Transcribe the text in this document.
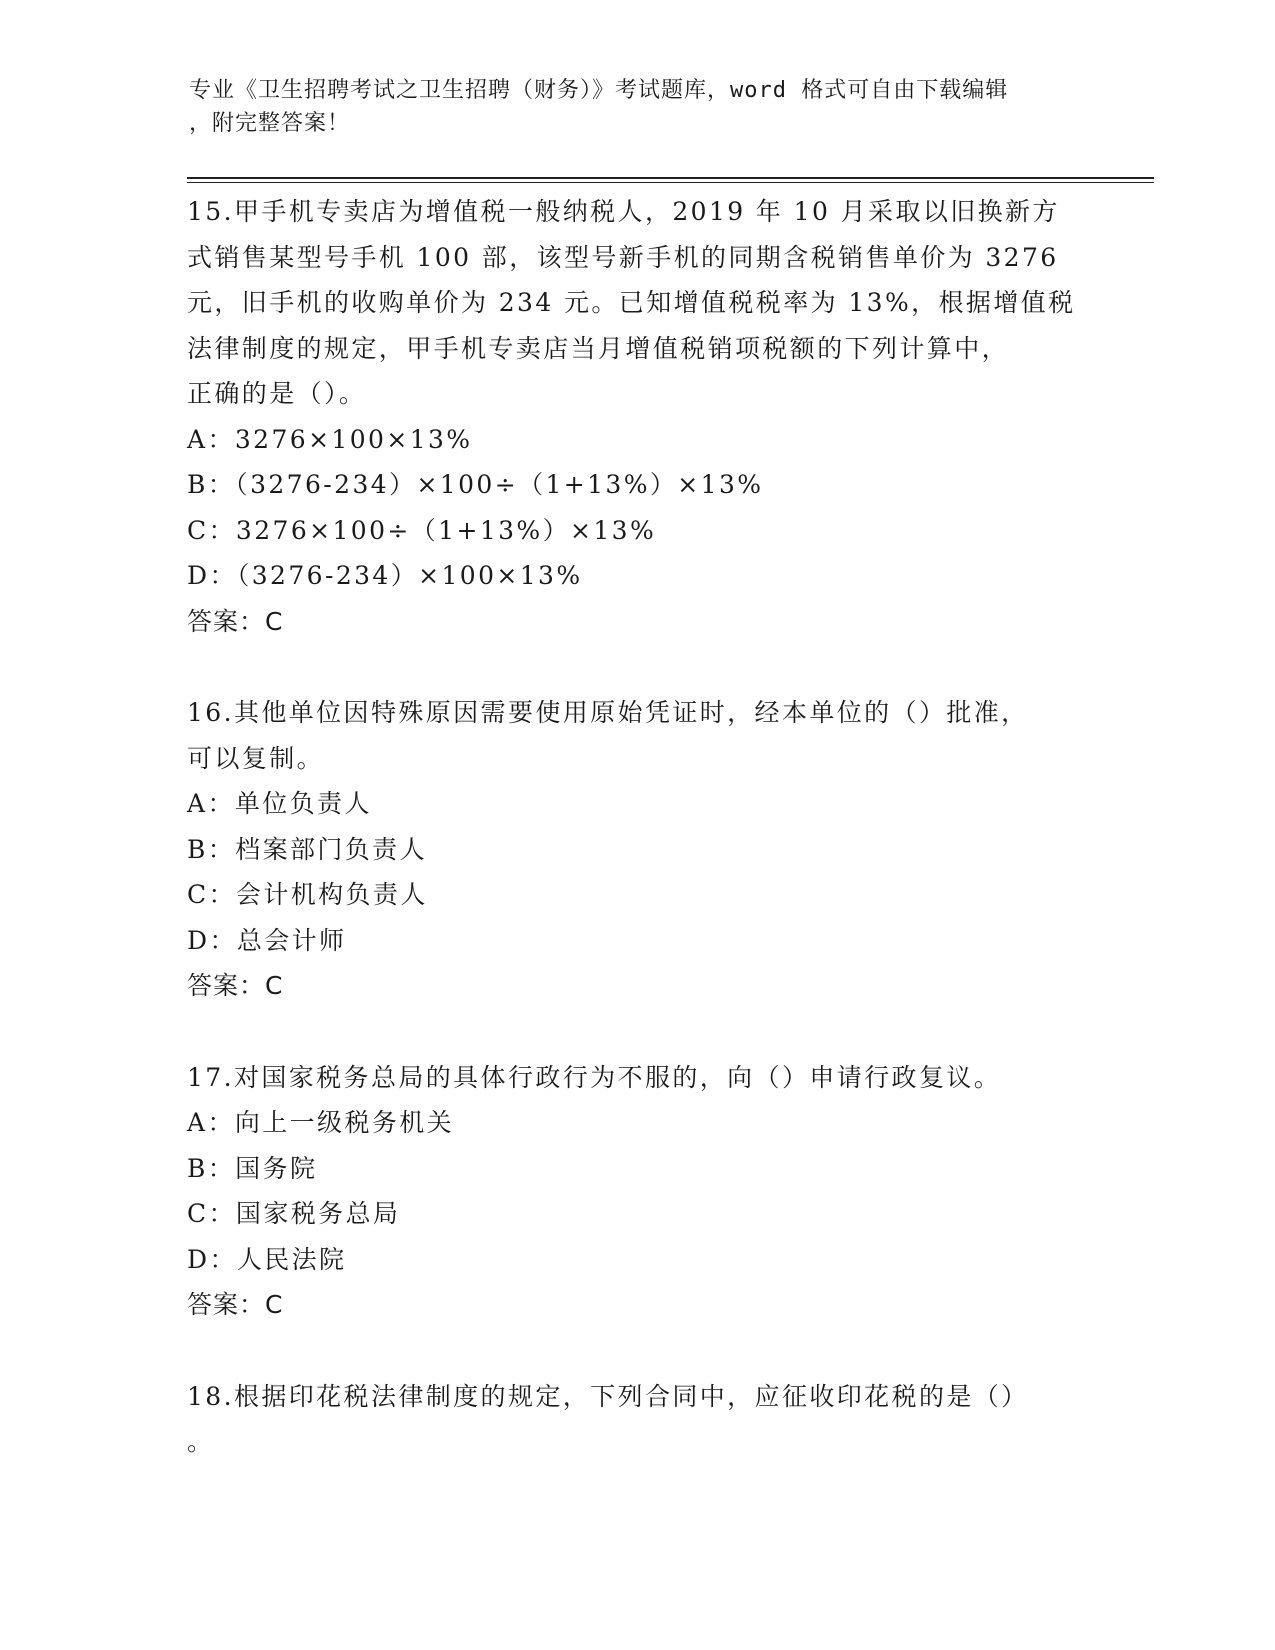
专业《卫生招聘考试之卫生招聘（财务）》考试题库，word 格式可自由下载编辑
，附完整答案！
15.甲手机专卖店为增值税一般纳税人，2019 年 10 月采取以旧换新方
式销售某型号手机 100 部，该型号新手机的同期含税销售单价为 3276
元，旧手机的收购单价为 234 元。已知增值税税率为 13%，根据增值税
法律制度的规定，甲手机专卖店当月增值税销项税额的下列计算中，
正确的是（）。
A：3276×100×13%
B：（3276-234）×100÷（1+13%）×13%
C：3276×100÷（1+13%）×13%
D：（3276-234）×100×13%
答案：C
16.其他单位因特殊原因需要使用原始凭证时，经本单位的（）批准，
可以复制。
A：单位负责人
B：档案部门负责人
C：会计机构负责人
D：总会计师
答案：C
17.对国家税务总局的具体行政行为不服的，向（）申请行政复议。
A：向上一级税务机关
B：国务院
C：国家税务总局
D：人民法院
答案：C
18.根据印花税法律制度的规定，下列合同中，应征收印花税的是（）
。
